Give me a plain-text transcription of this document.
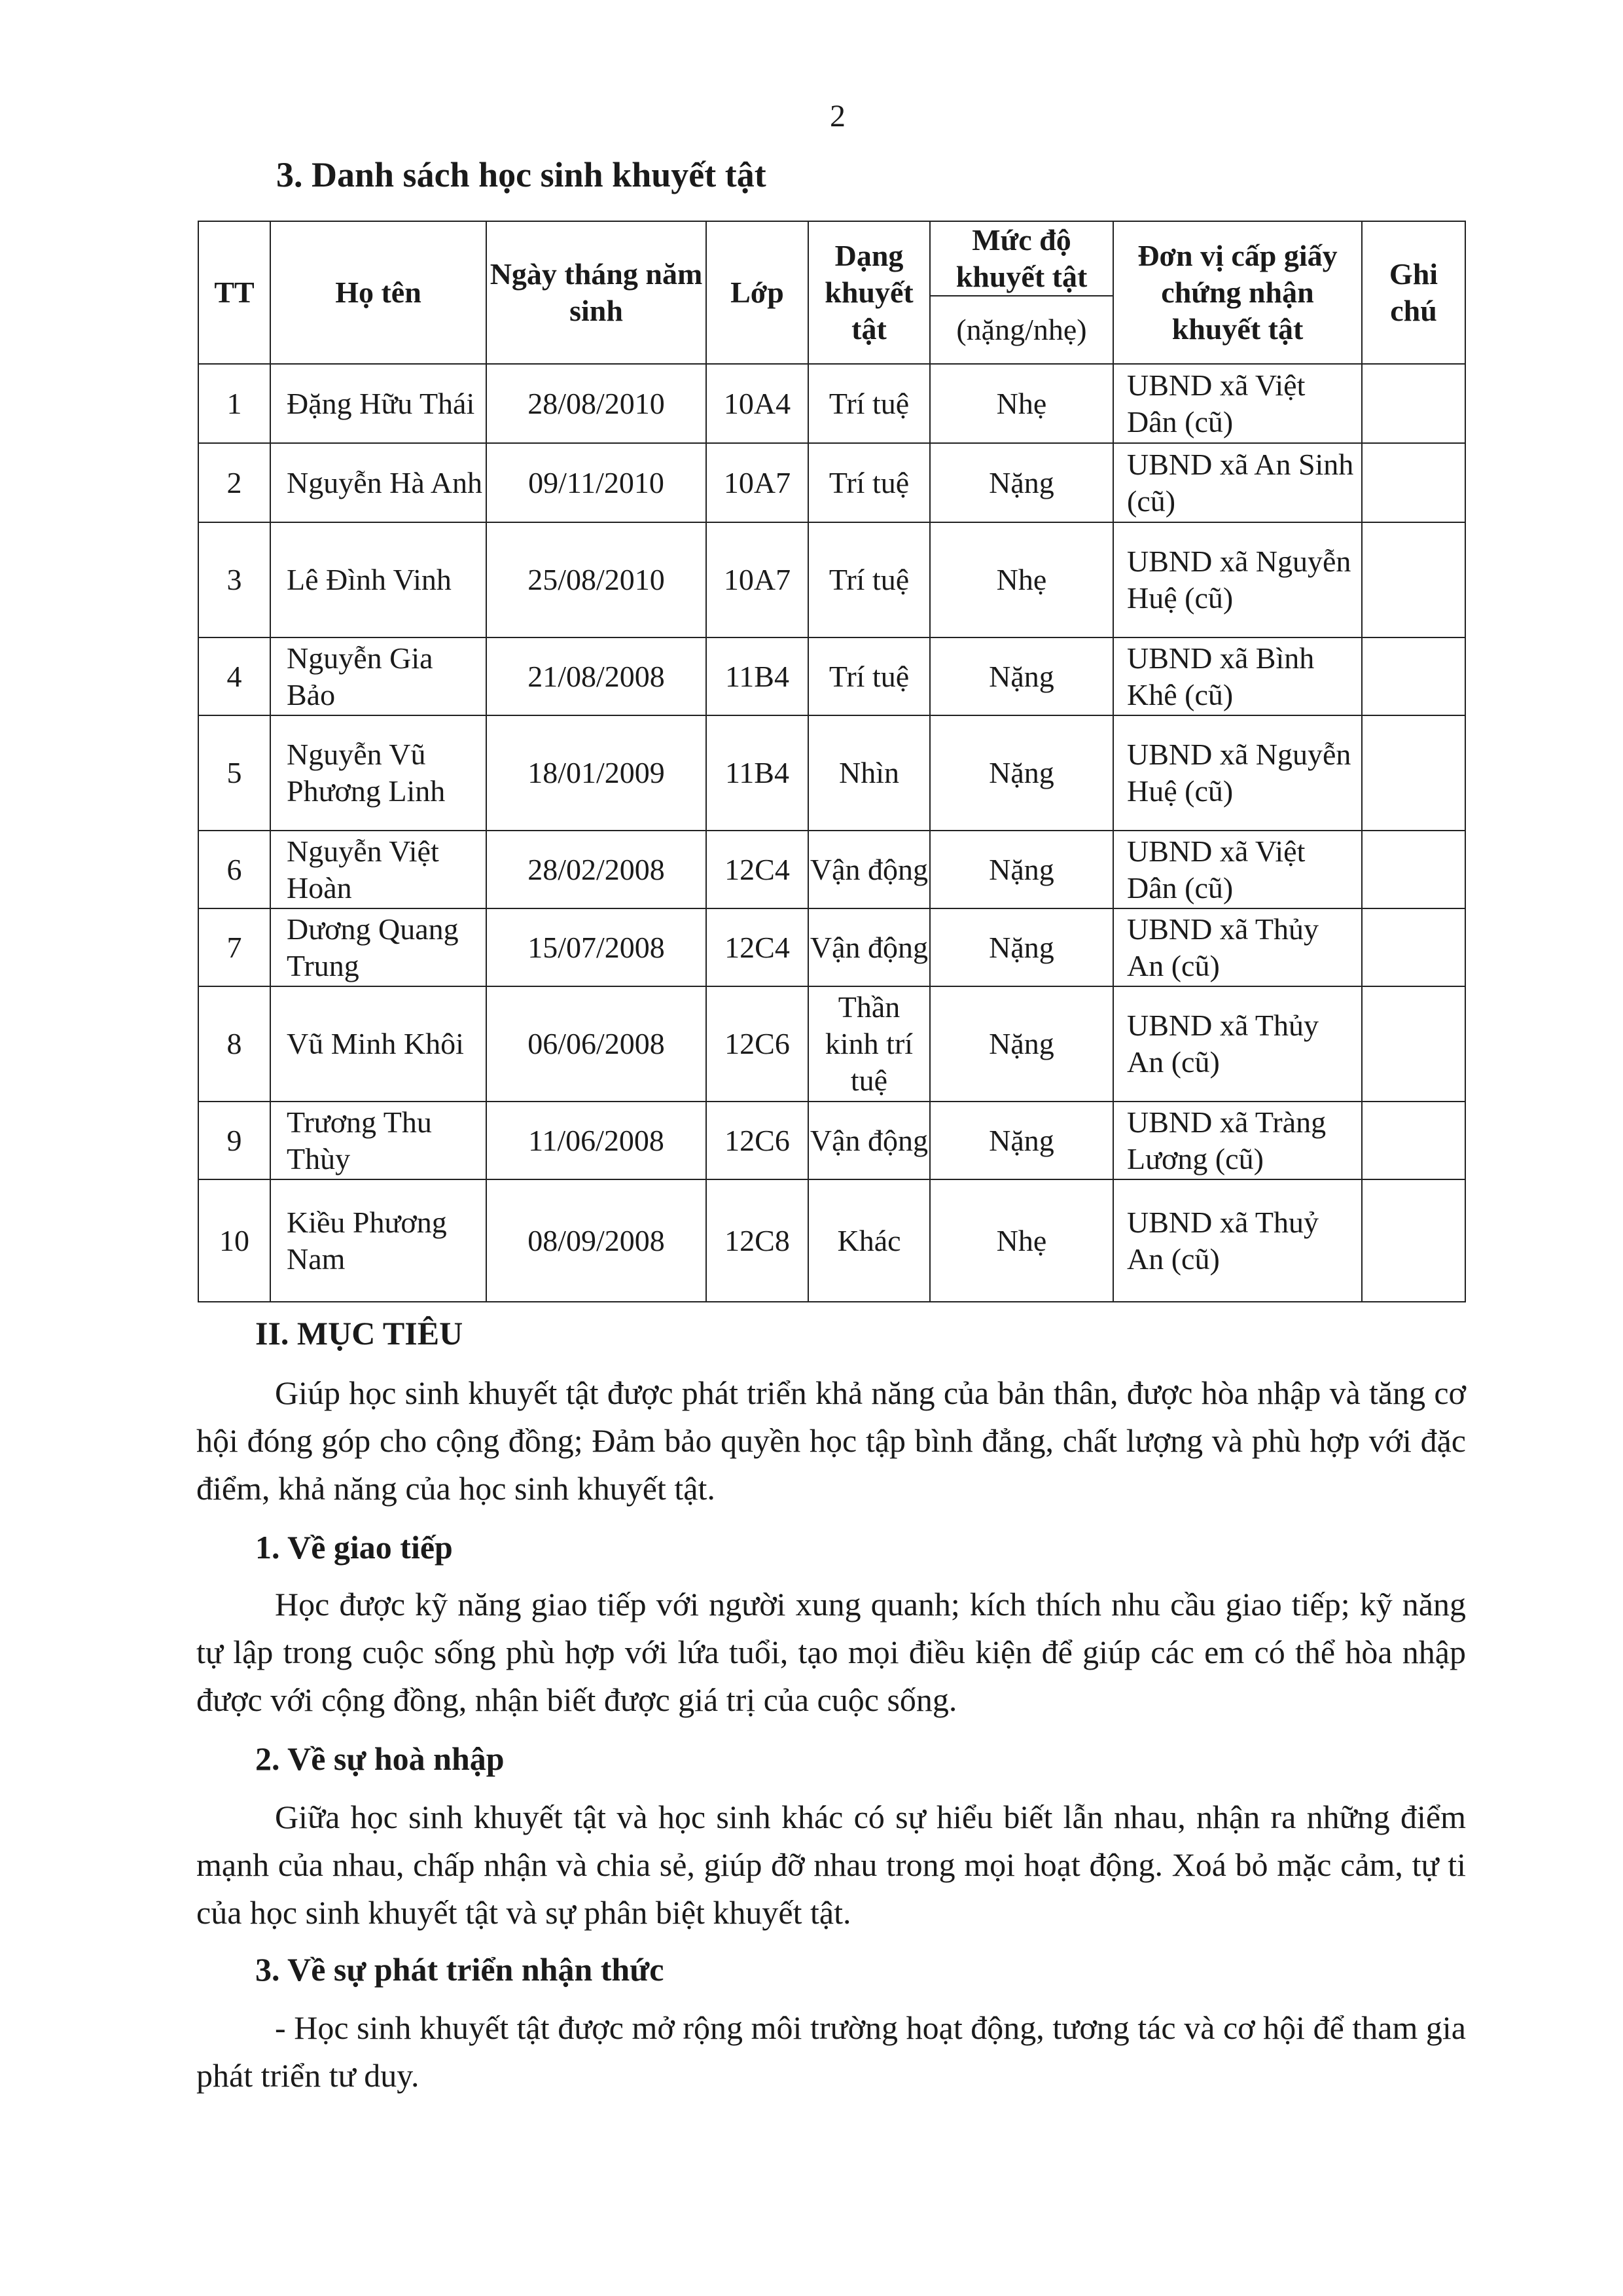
2
3. Danh sách học sinh khuyết tật
TT	Họ tên	Ngày tháng năm sinh	Lớp	Dạng khuyết tật	Mức độ khuyết tật	Đơn vị cấp giấy chứng nhận khuyết tật	Ghi chú
					(nặng/nhẹ)		
1	Đặng Hữu Thái	28/08/2010	10A4	Trí tuệ	Nhẹ	UBND xã Việt Dân (cũ)	
2	Nguyễn Hà Anh	09/11/2010	10A7	Trí tuệ	Nặng	UBND xã An Sinh (cũ)	
3	Lê Đình Vinh	25/08/2010	10A7	Trí tuệ	Nhẹ	UBND xã Nguyễn Huệ (cũ)	
4	Nguyễn Gia Bảo	21/08/2008	11B4	Trí tuệ	Nặng	UBND xã Bình Khê (cũ)	
5	Nguyễn Vũ Phương Linh	18/01/2009	11B4	Nhìn	Nặng	UBND xã Nguyễn Huệ (cũ)	
6	Nguyễn Việt Hoàn	28/02/2008	12C4	Vận động	Nặng	UBND xã Việt Dân (cũ)	
7	Dương Quang Trung	15/07/2008	12C4	Vận động	Nặng	UBND xã Thủy An (cũ)	
8	Vũ Minh Khôi	06/06/2008	12C6	Thần kinh trí tuệ	Nặng	UBND xã Thủy An (cũ)	
9	Trương Thu Thùy	11/06/2008	12C6	Vận động	Nặng	UBND xã Tràng Lương (cũ)	
10	Kiều Phương Nam	08/09/2008	12C8	Khác	Nhẹ	UBND xã Thuỷ An (cũ)	
II. MỤC TIÊU
Giúp học sinh khuyết tật được phát triển khả năng của bản thân, được hòa nhập và tăng cơ hội đóng góp cho cộng đồng; Đảm bảo quyền học tập bình đẳng, chất lượng và phù hợp với đặc điểm, khả năng của học sinh khuyết tật.
1. Về giao tiếp
Học được kỹ năng giao tiếp với người xung quanh; kích thích nhu cầu giao tiếp; kỹ năng tự lập trong cuộc sống phù hợp với lứa tuổi, tạo mọi điều kiện để giúp các em có thể hòa nhập được với cộng đồng, nhận biết được giá trị của cuộc sống.
2. Về sự hoà nhập
Giữa học sinh khuyết tật và học sinh khác có sự hiểu biết lẫn nhau, nhận ra những điểm mạnh của nhau, chấp nhận và chia sẻ, giúp đỡ nhau trong mọi hoạt động. Xoá bỏ mặc cảm, tự ti của học sinh khuyết tật và sự phân biệt khuyết tật.
3. Về sự phát triển nhận thức
- Học sinh khuyết tật được mở rộng môi trường hoạt động, tương tác và cơ hội để tham gia phát triển tư duy.
